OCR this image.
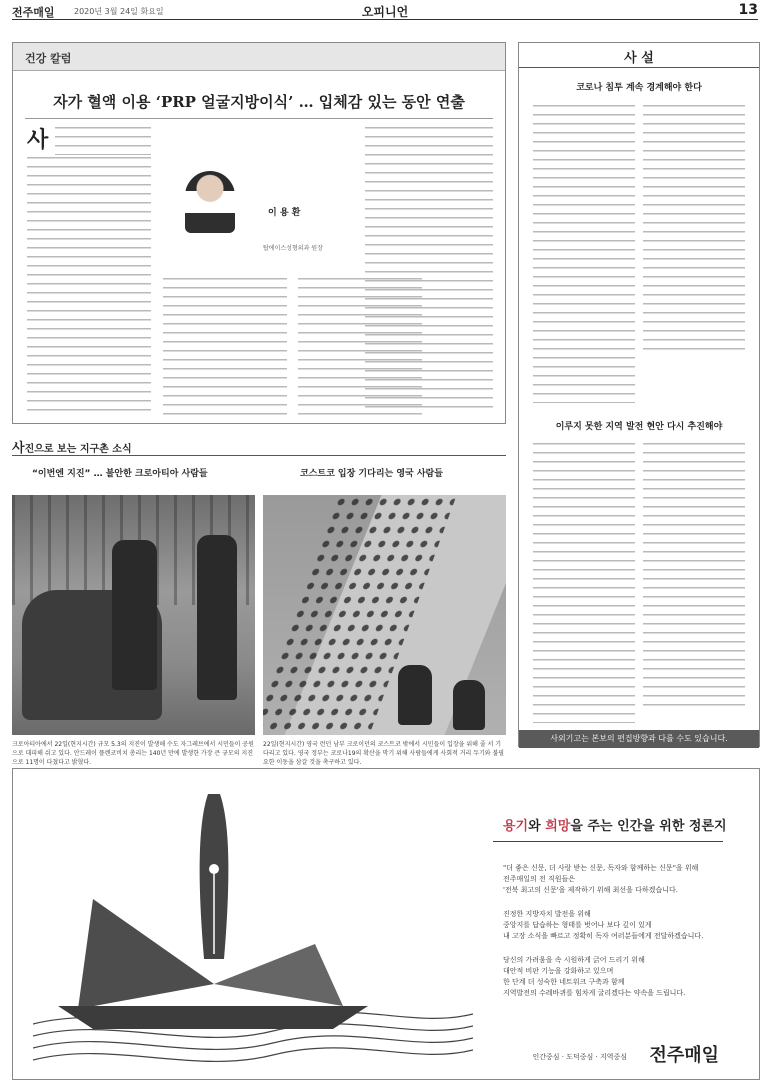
전주매일 2020년 3월 24일 화요일	오피니언	13
건강 칼럼
자가 혈액 이용 ‘PRP 얼굴지방이식’ … 입체감 있는 동안 연출
사
이 용 환
탑에이스성형외과 원장
사 설
코로나 침투 계속 경계해야 한다
이루지 못한 지역 발전 현안 다시 추진해야
사외기고는 본보의 편집방향과 다를 수도 있습니다.
사진으로 보는 지구촌 소식
“이번엔 지진” … 불안한 크로아티아 사람들	코스트코 입장 기다리는 영국 사람들
크로아티아에서 22일(현지시간) 규모 5.3의 지진이 발생해 수도 자그레브에서 시민들이 공원으로 대피해 쉬고 있다. 안드레이 플렌코비치 총리는 140년 만에 발생한 가장 큰 규모의 지진으로 11명이 다쳤다고 밝혔다.
22일(현지시간) 영국 런던 남부 크로이던의 코스트코 밖에서 시민들이 입장을 위해 줄 서 기다리고 있다. 영국 정부는 코로나19의 확산을 막기 위해 사람들에게 사회적 거리 두기와 불필요한 이동을 삼갈 것을 촉구하고 있다.
용기와 희망을 주는 인간을 위한 정론지

"더 좋은 신문, 더 사랑 받는 신문, 독자와 함께하는 신문"을 위해

전주매일의 전 직원들은

'전북 최고의 신문'을 제작하기 위해 최선을 다하겠습니다.

진정한 지방자치 발전을 위해

중앙지를 답습하는 형태를 벗어나 보다 깊이 있게

내 고장 소식을 빠르고 정확히 독자 여러분들에게 전달하겠습니다.

당신의 가려움을 속 시원하게 긁어 드리기 위해

대안적 비판 기능을 강화하고 있으며

한 단계 더 성숙한 네트워크 구축과 함께

지역발전의 수레바퀴를 힘차게 굴리겠다는 약속을 드립니다.

인간중심 · 도덕중심 · 지역중심 전주매일
